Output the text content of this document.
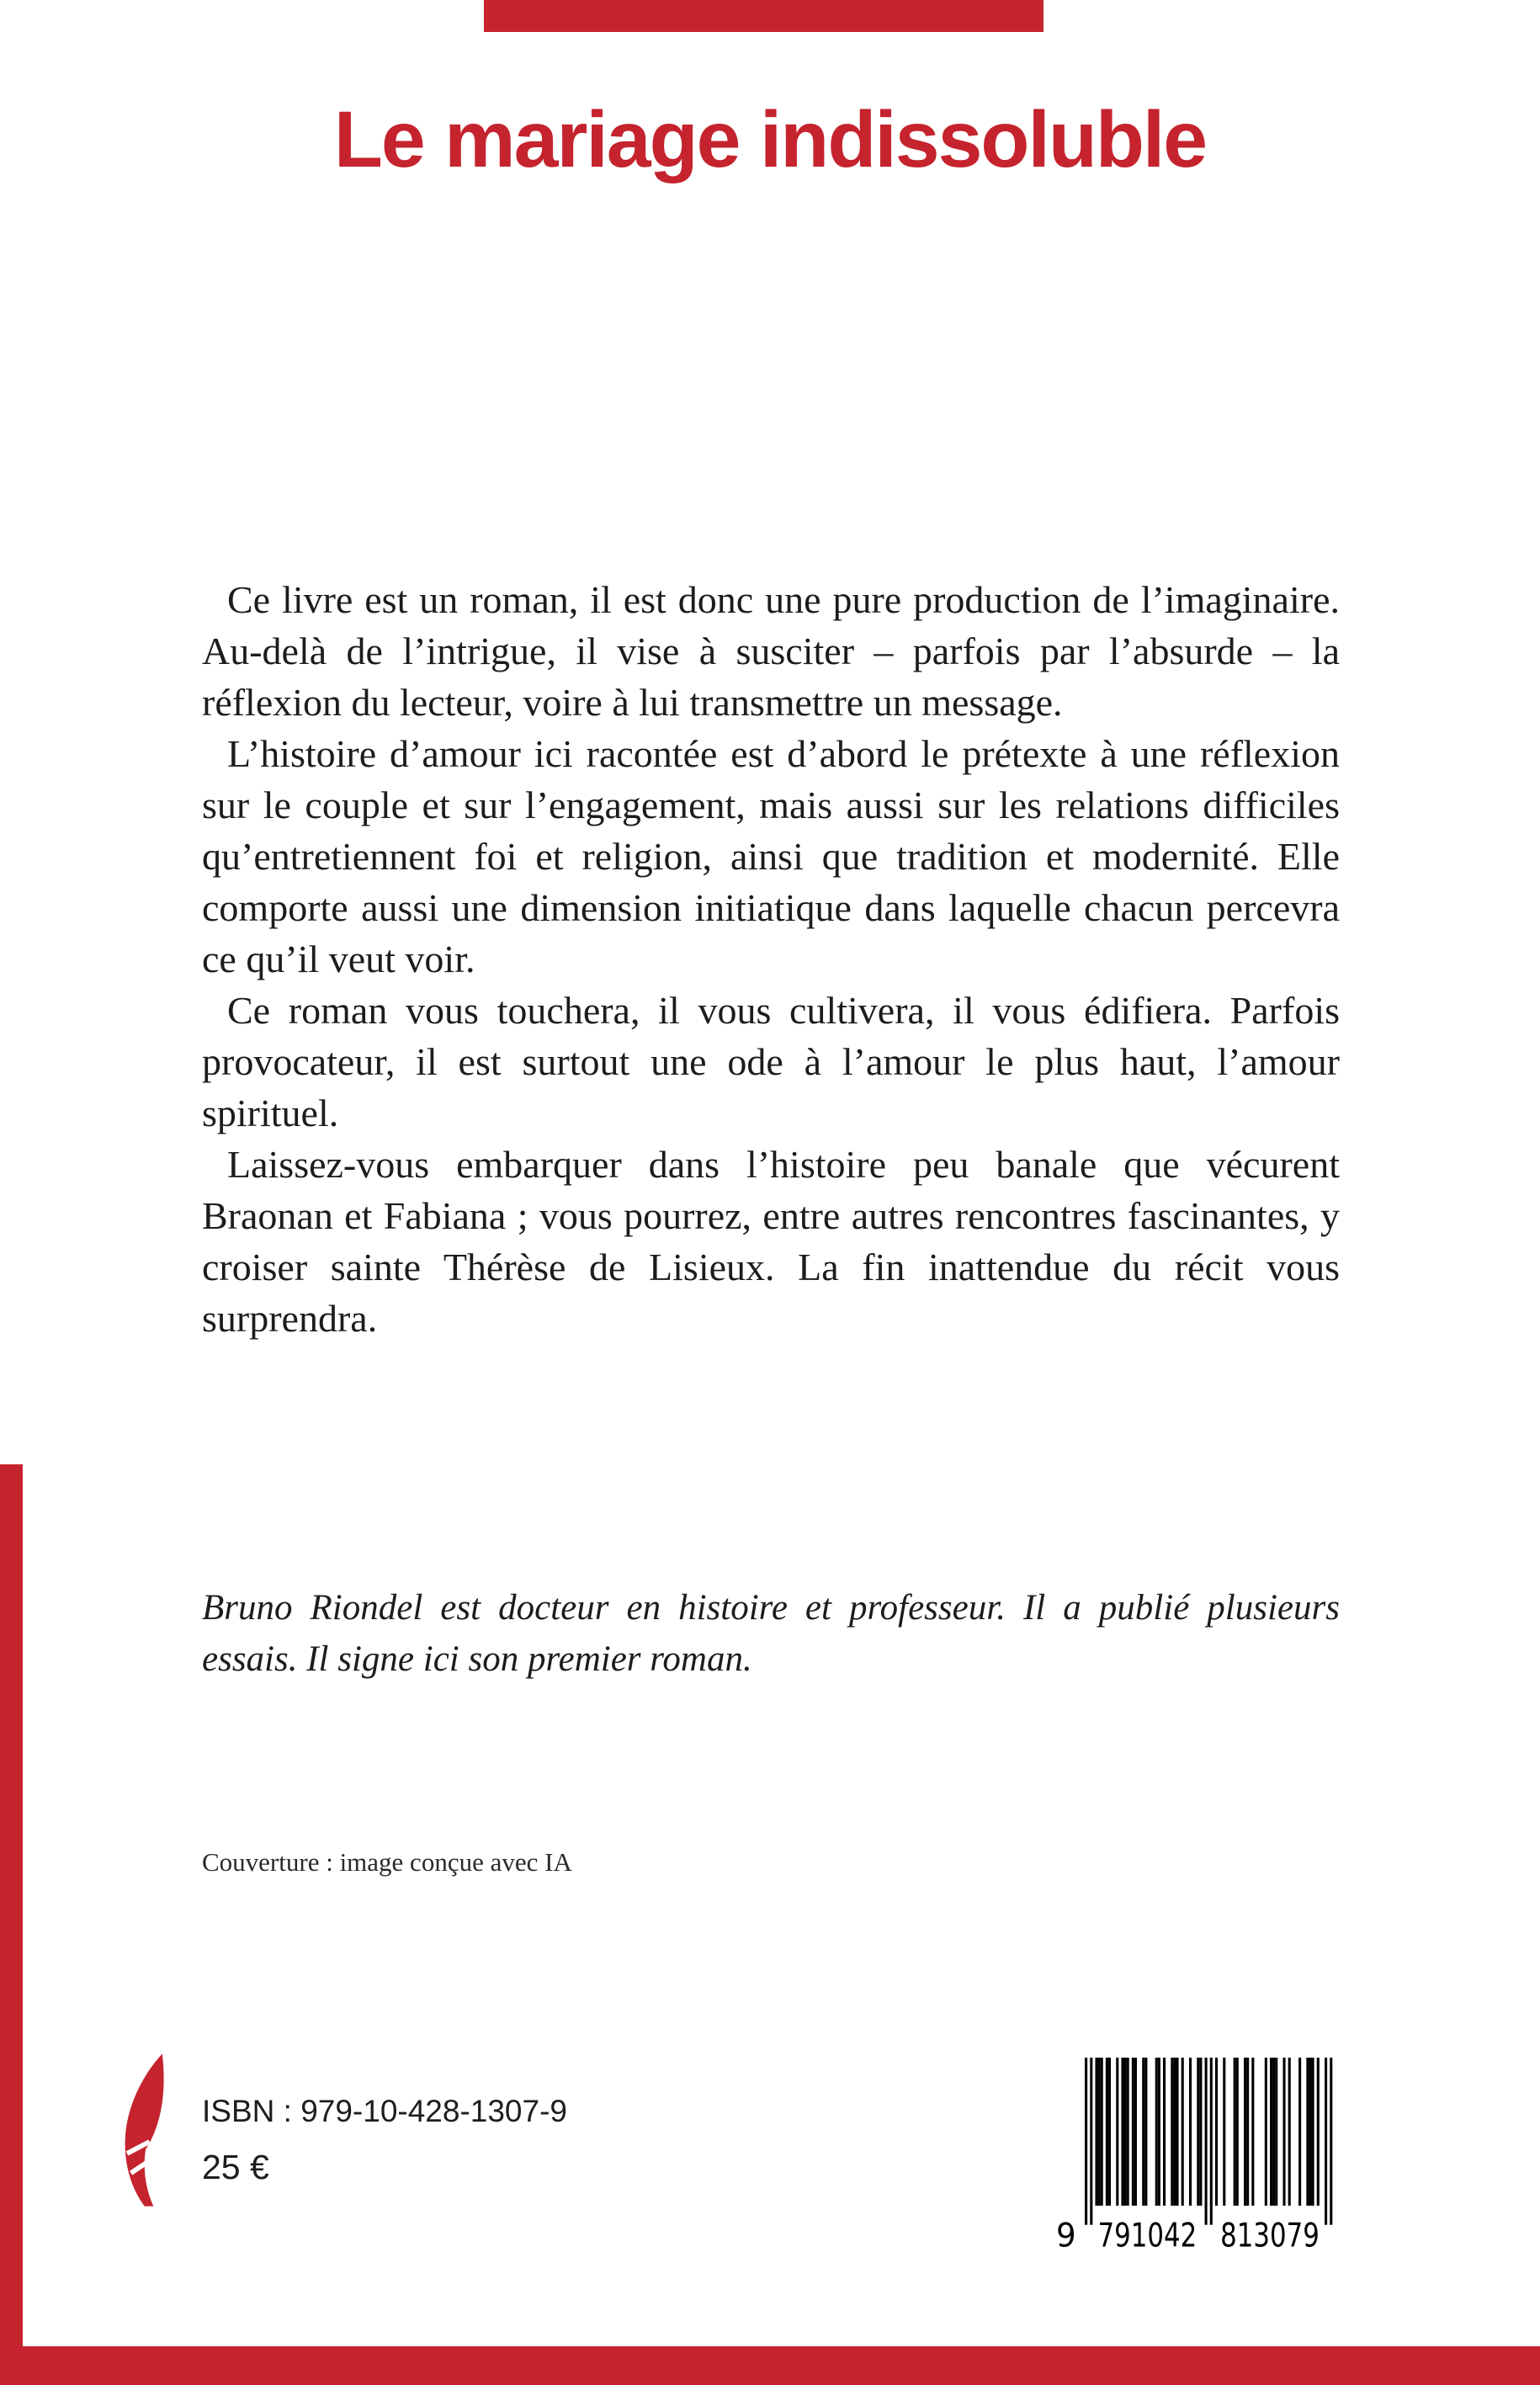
Le mariage indissoluble

Ce livre est un roman, il est donc une pure production de l’imaginaire. Au-delà de l’intrigue, il vise à susciter – parfois par l’absurde – la réflexion du lecteur, voire à lui transmettre un message.

L’histoire d’amour ici racontée est d’abord le prétexte à une réflexion sur le couple et sur l’engagement, mais aussi sur les relations difficiles qu’entretiennent foi et religion, ainsi que tradition et modernité. Elle comporte aussi une dimension initiatique dans laquelle chacun percevra ce qu’il veut voir.

Ce roman vous touchera, il vous cultivera, il vous édifiera. Parfois provocateur, il est surtout une ode à l’amour le plus haut, l’amour spirituel.

Laissez-vous embarquer dans l’histoire peu banale que vécurent Braonan et Fabiana ; vous pourrez, entre autres rencontres fascinantes, y croiser sainte Thérèse de Lisieux. La fin inattendue du récit vous surprendra.

Bruno Riondel est docteur en histoire et professeur. Il a publié plusieurs essais. Il signe ici son premier roman.

Couverture : image conçue avec IA

ISBN : 979-10-428-1307-9
25 €
9 791042 813079
